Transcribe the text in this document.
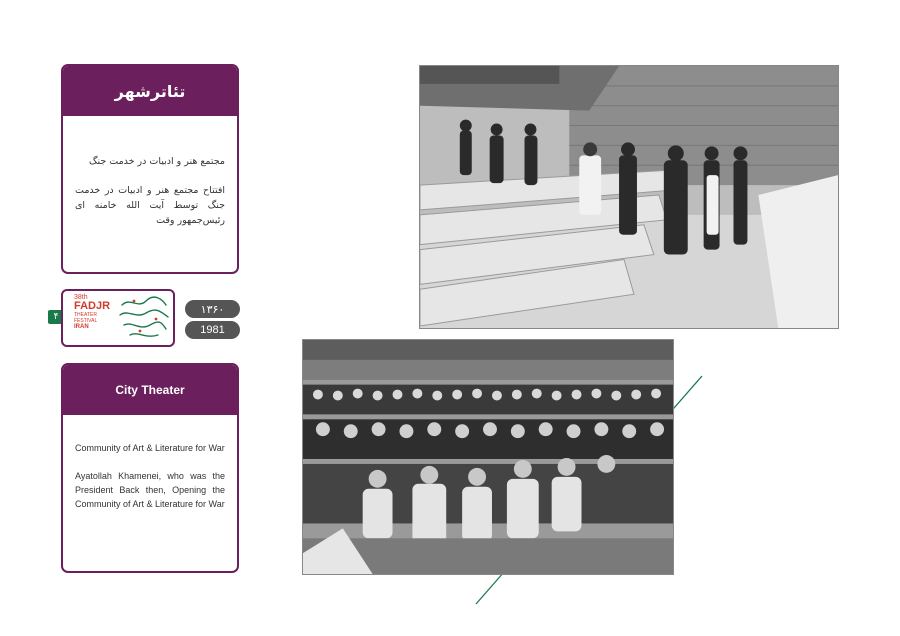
تئاترشهر

مجتمع هنر و ادبیات در خدمت جنگ

افتتاح مجتمع هنر و ادبیات در خدمت جنگ توسط آیت الله خامنه ای رئیس‌جمهور وقت

۴
38th
FADJR
THEATER FESTIVAL
IRAN
۱۳۶۰
1981
City Theater

Community of Art & Literature for War

Ayatollah Khamenei, who was the President Back then, Opening the Community of Art & Literature for War
